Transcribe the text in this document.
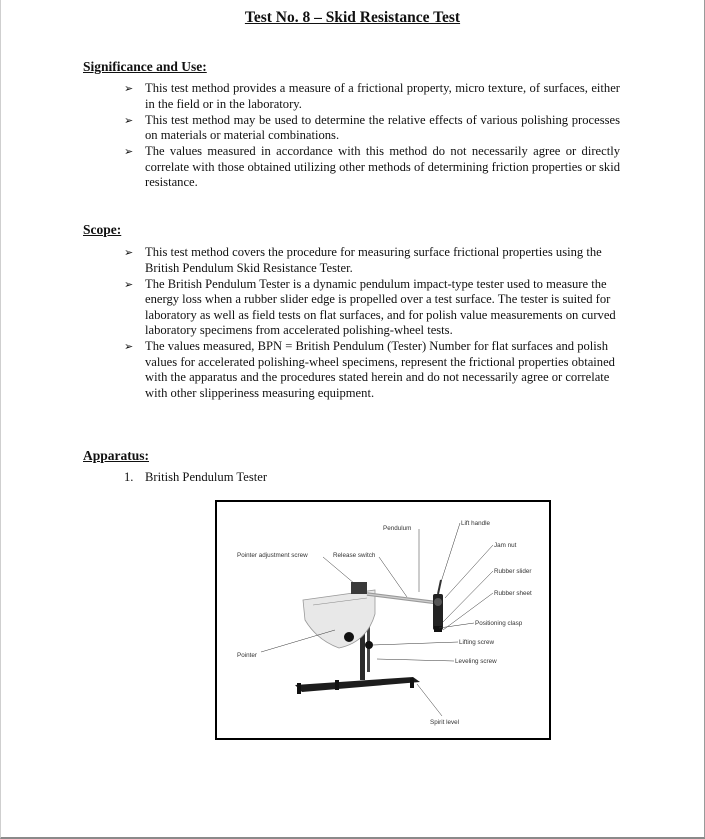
Test No. 8 – Skid Resistance Test
Significance and Use:
➢ This test method provides a measure of a frictional property, micro texture, of surfaces, either in the field or in the laboratory.
➢ This test method may be used to determine the relative effects of various polishing processes on materials or material combinations.
➢ The values measured in accordance with this method do not necessarily agree or directly correlate with those obtained utilizing other methods of determining friction properties or skid resistance.
Scope:
➢ This test method covers the procedure for measuring surface frictional properties using the British Pendulum Skid Resistance Tester.
➢ The British Pendulum Tester is a dynamic pendulum impact-type tester used to measure the energy loss when a rubber slider edge is propelled over a test surface. The tester is suited for laboratory as well as field tests on flat surfaces, and for polish value measurements on curved laboratory specimens from accelerated polishing-wheel tests.
➢ The values measured, BPN = British Pendulum (Tester) Number for flat surfaces and polish values for accelerated polishing-wheel specimens, represent the frictional properties obtained with the apparatus and the procedures stated herein and do not necessarily agree or correlate with other slipperiness measuring equipment.
Apparatus:
1. British Pendulum Tester
Pendulum
Lift handle
Jam nut
Pointer adjustment screw	Release switch
Rubber slider
Rubber sheet
Positioning clasp
Lifting screw
Leveling screw
Pointer
Spirit level
